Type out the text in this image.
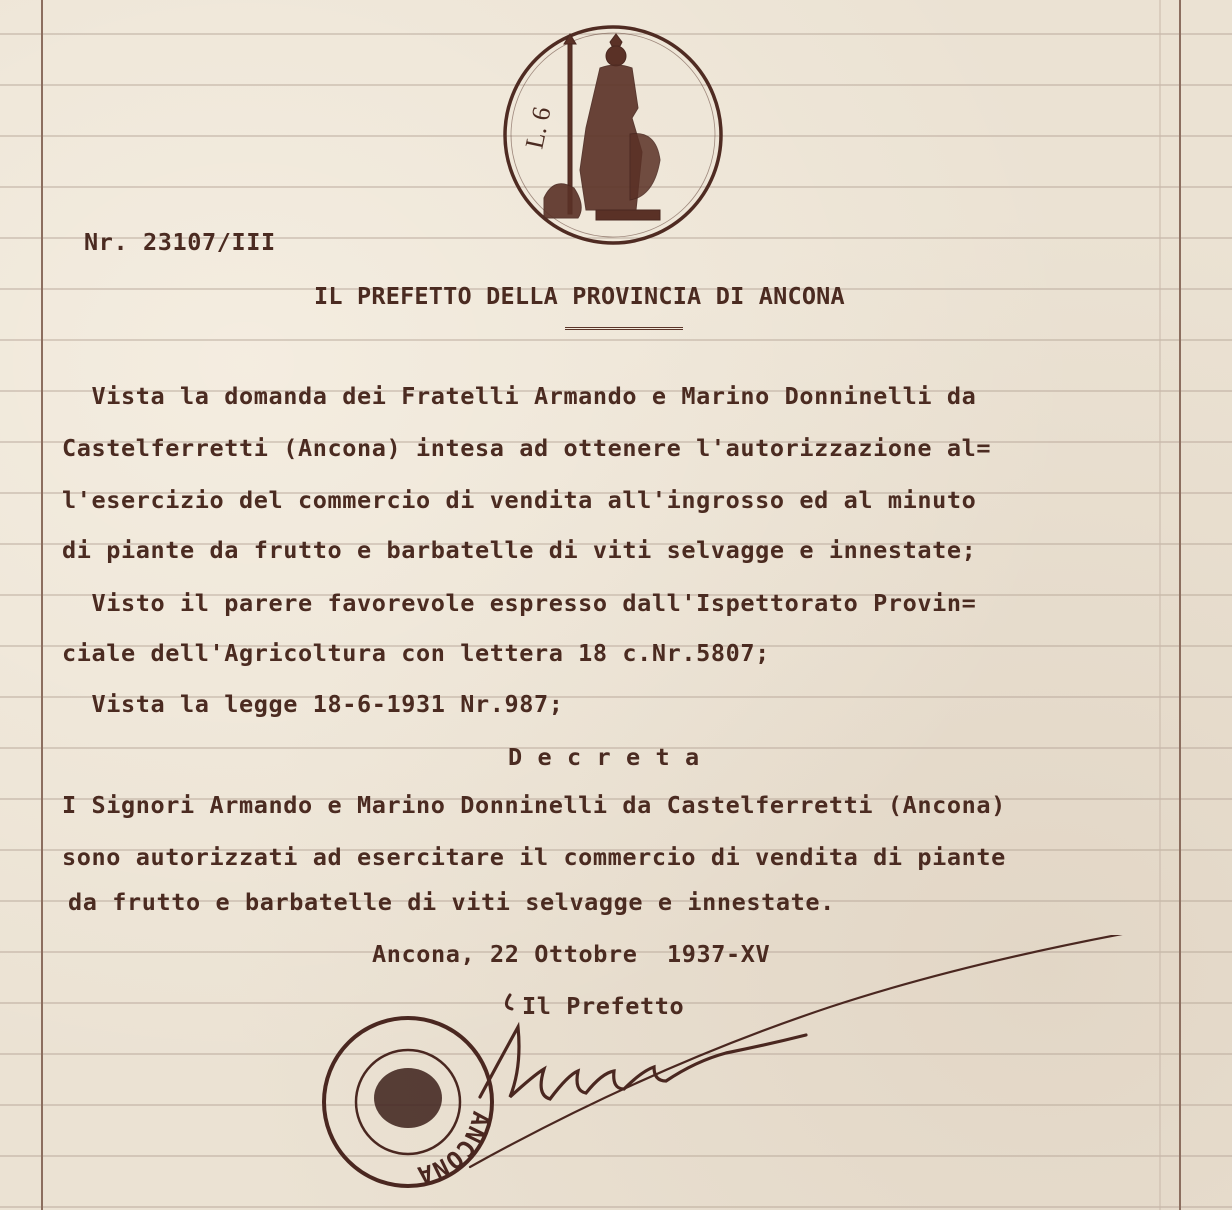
L. 6
Nr. 23107/III
IL PREFETTO DELLA PROVINCIA DI ANCONA
Vista la domanda dei Fratelli Armando e Marino Donninelli da
Castelferretti (Ancona) intesa ad ottenere l'autorizzazione al=
l'esercizio del commercio di vendita all'ingrosso ed al minuto
di piante da frutto e barbatelle di viti selvagge e innestate;
Visto il parere favorevole espresso dall'Ispettorato Provin=
ciale dell'Agricoltura con lettera 18 c.Nr.5807;
Vista la legge 18-6-1931 Nr.987;
D e c r e t a
I Signori Armando e Marino Donninelli da Castelferretti (Ancona)
sono autorizzati ad esercitare il commercio di vendita di piante
da frutto e barbatelle di viti selvagge e innestate.
Ancona, 22 Ottobre  1937-XV
Il Prefetto
ANCONA
